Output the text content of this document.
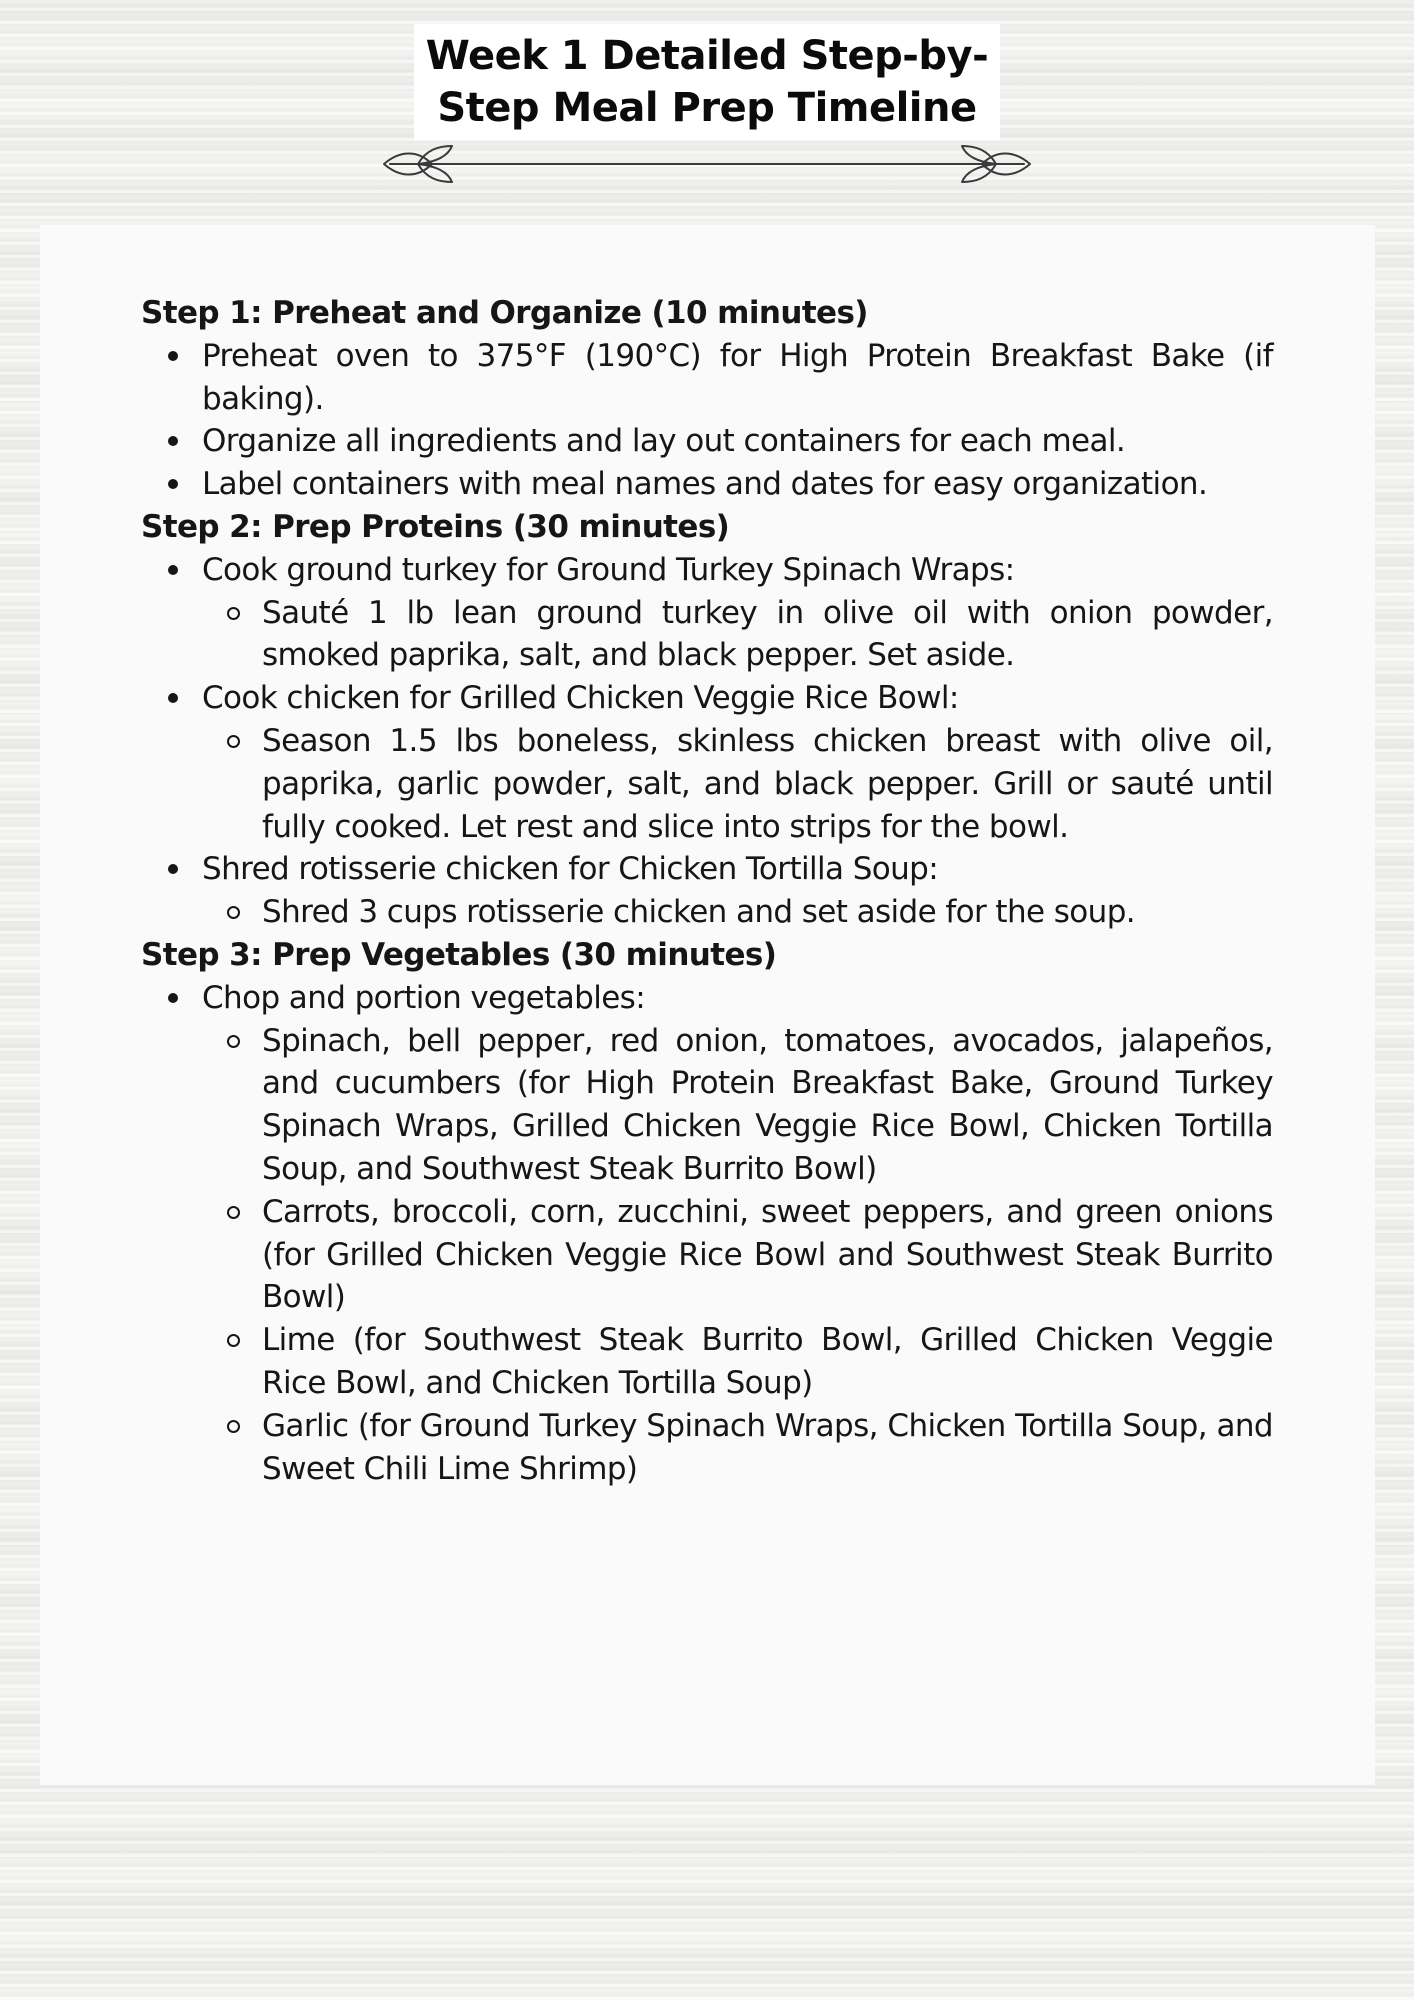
Week 1 Detailed Step-by-
Step Meal Prep Timeline

Step 1: Preheat and Organize (10 minutes)

Preheat oven to 375°F (190°C) for High Protein Breakfast Bake (if baking).
Organize all ingredients and lay out containers for each meal.
Label containers with meal names and dates for easy organization.

Step 2: Prep Proteins (30 minutes)

Cook ground turkey for Ground Turkey Spinach Wraps:
Sauté 1 lb lean ground turkey in olive oil with onion powder, smoked paprika, salt, and black pepper. Set aside.
Cook chicken for Grilled Chicken Veggie Rice Bowl:
Season 1.5 lbs boneless, skinless chicken breast with olive oil, paprika, garlic powder, salt, and black pepper. Grill or sauté until fully cooked. Let rest and slice into strips for the bowl.
Shred rotisserie chicken for Chicken Tortilla Soup:
Shred 3 cups rotisserie chicken and set aside for the soup.

Step 3: Prep Vegetables (30 minutes)

Chop and portion vegetables:
Spinach, bell pepper, red onion, tomatoes, avocados, jalapeños, and cucumbers (for High Protein Breakfast Bake, Ground Turkey Spinach Wraps, Grilled Chicken Veggie Rice Bowl, Chicken Tortilla Soup, and Southwest Steak Burrito Bowl)
Carrots, broccoli, corn, zucchini, sweet peppers, and green onions (for Grilled Chicken Veggie Rice Bowl and Southwest Steak Burrito Bowl)
Lime (for Southwest Steak Burrito Bowl, Grilled Chicken Veggie Rice Bowl, and Chicken Tortilla Soup)
Garlic (for Ground Turkey Spinach Wraps, Chicken Tortilla Soup, and Sweet Chili Lime Shrimp)
